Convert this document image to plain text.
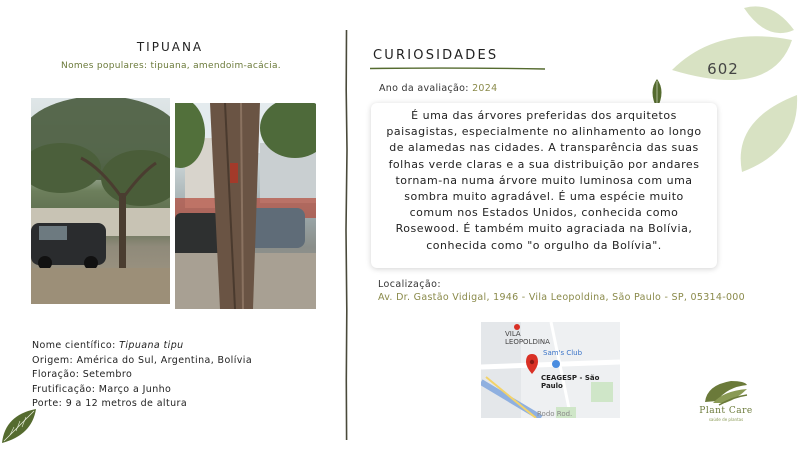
TIPUANA
Nomes populares: tipuana, amendoim-acácia.
Nome científico: Tipuana tipu
Origem: América do Sul, Argentina, Bolívia
Floração: Setembro
Frutificação: Março a Junho
Porte: 9 a 12 metros de altura
CURIOSIDADES
Ano da avaliação: 2024
É uma das árvores preferidas dos arquitetos paisagistas, especialmente no alinhamento ao longo de alamedas nas cidades. A transparência das suas folhas verde claras e a sua distribuição por andares tornam-na numa árvore muito luminosa com uma sombra muito agradável. É uma espécie muito comum nos Estados Unidos, conhecida como Rosewood. É também muito agraciada na Bolívia, conhecida como "o orgulho da Bolívia".
Localização:
Av. Dr. Gastão Vidigal, 1946 - Vila Leopoldina, São Paulo - SP, 05314-000
VILA
LEOPOLDINA
Sam's Club
CEAGESP - São Paulo
Rodo Rod.
602
Plant Care
saúde de plantas
